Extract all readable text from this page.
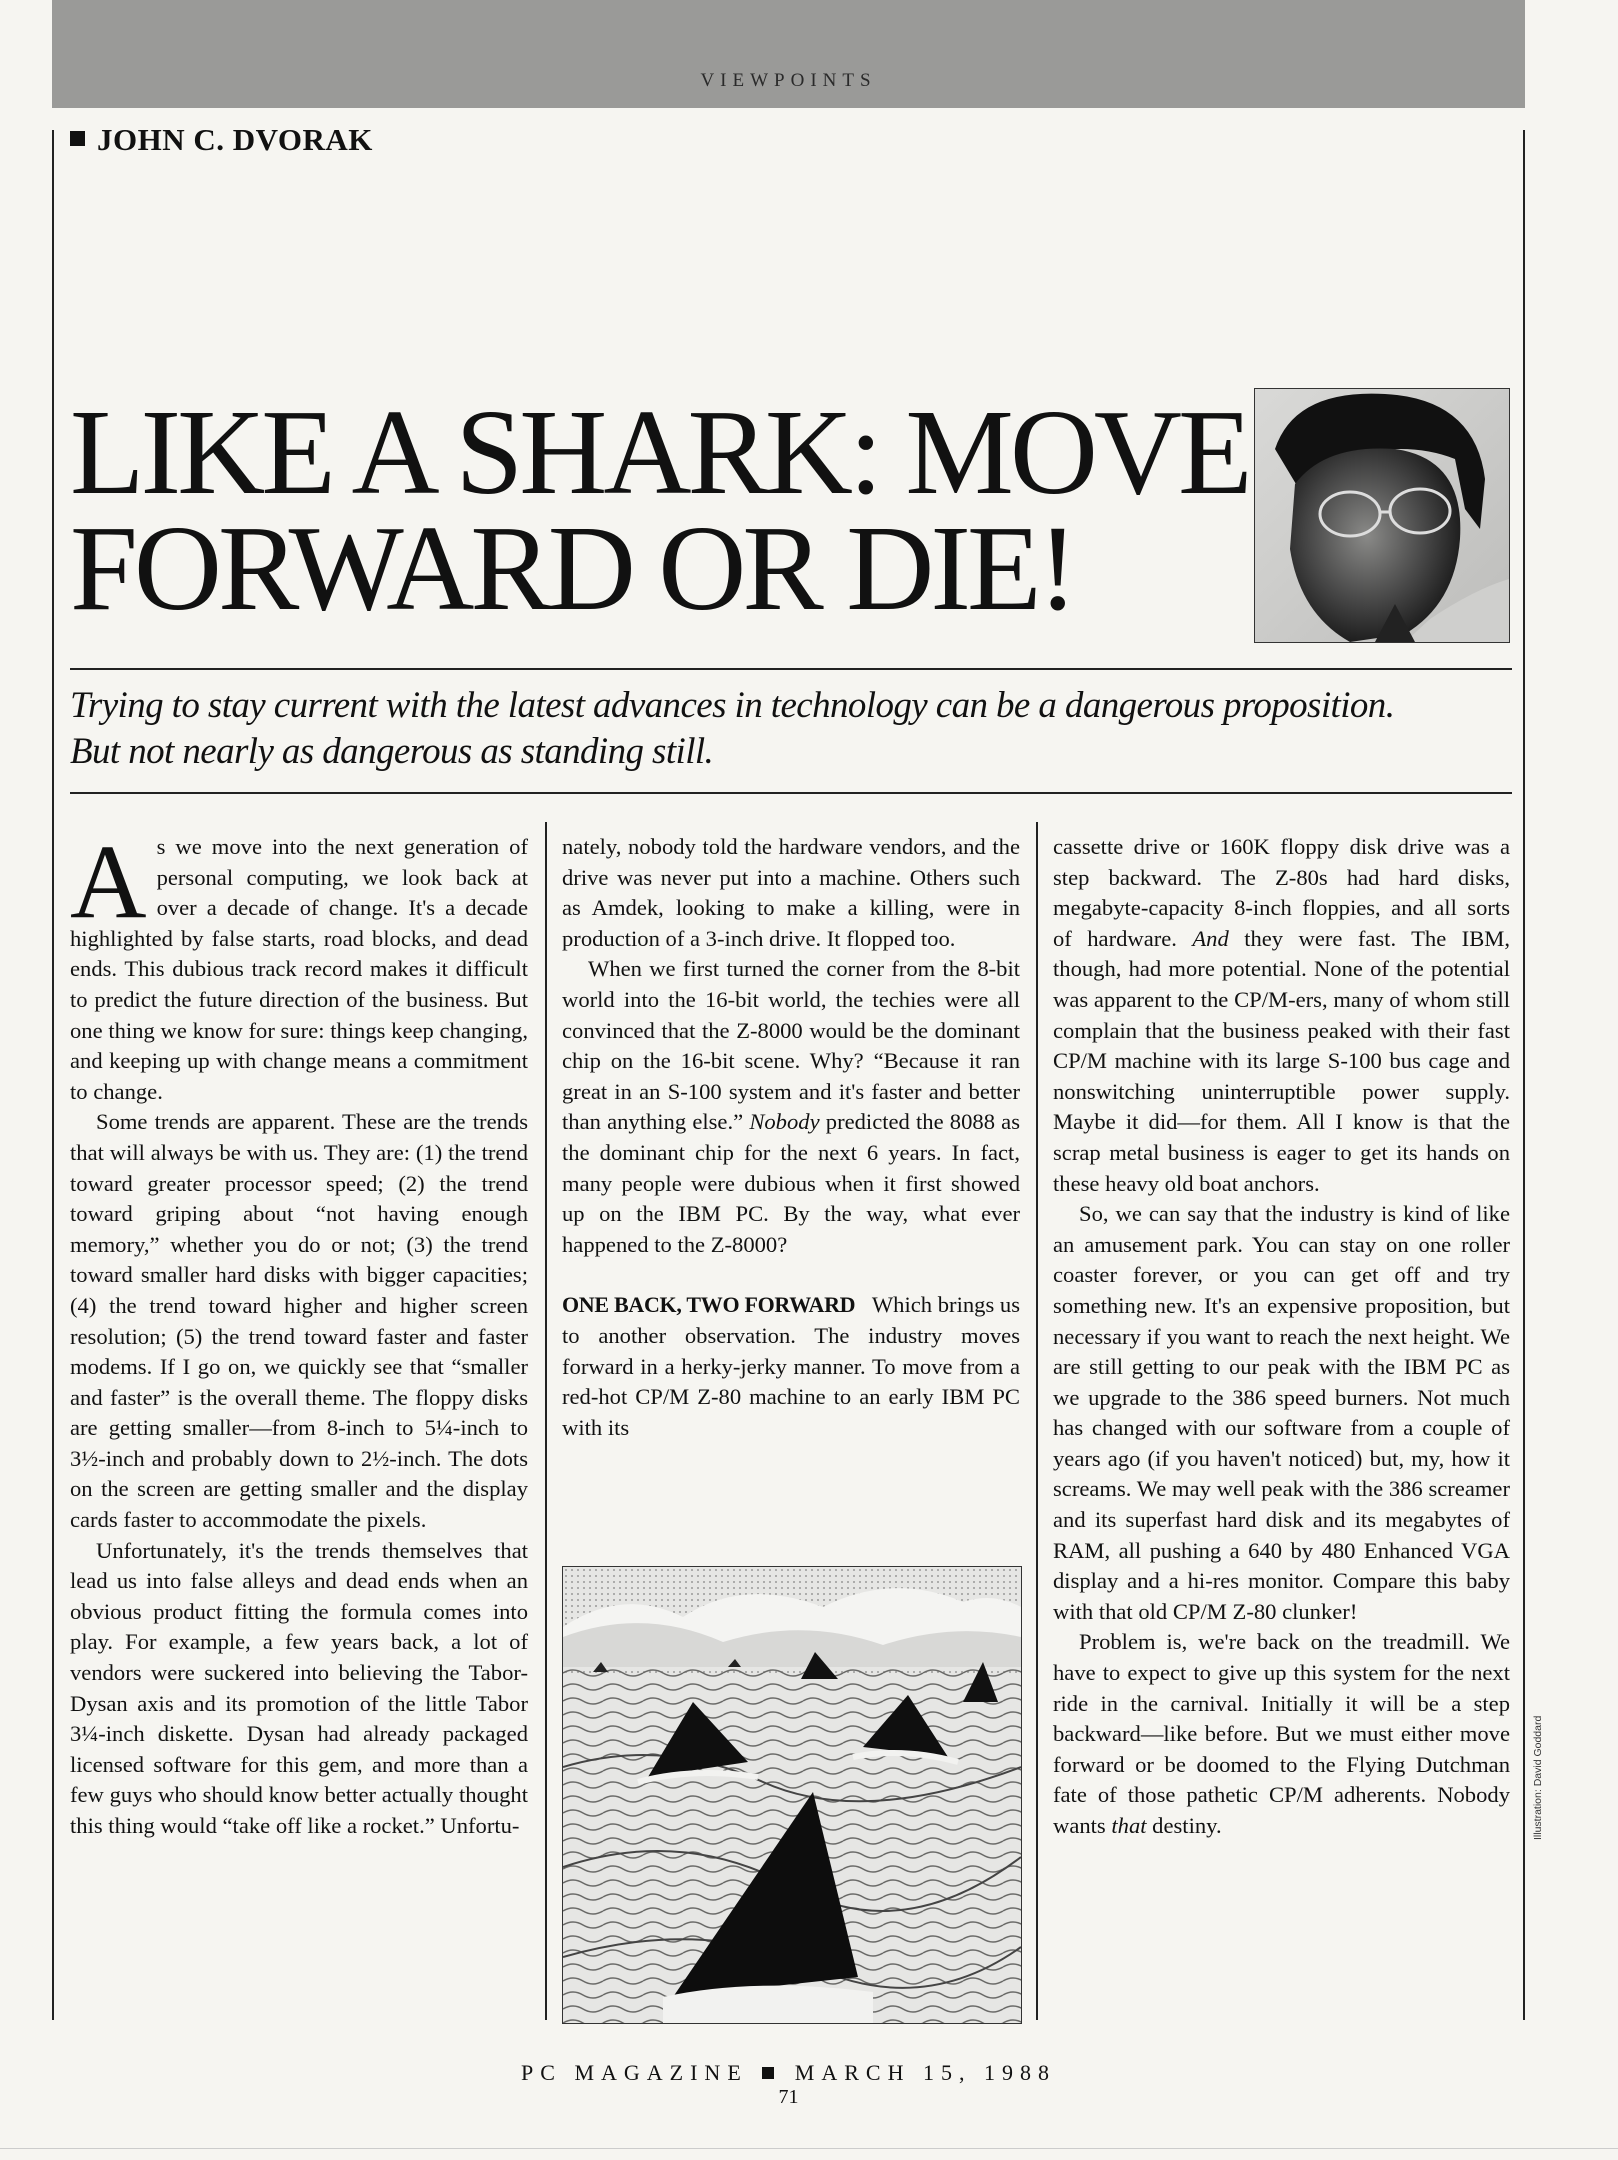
VIEWPOINTS
JOHN C. DVORAK
LIKE A SHARK: MOVE
FORWARD OR DIE!
Trying to stay current with the latest advances in technology can be a dangerous proposition.
But not nearly as dangerous as standing still.

As we move into the next generation of personal computing, we look back at over a decade of change. It's a decade highlighted by false starts, road blocks, and dead ends. This dubious track record makes it difficult to predict the future direction of the business. But one thing we know for sure: things keep changing, and keeping up with change means a commitment to change.

Some trends are apparent. These are the trends that will always be with us. They are: (1) the trend toward greater processor speed; (2) the trend toward griping about “not having enough memory,” whether you do or not; (3) the trend toward smaller hard disks with bigger capacities; (4) the trend toward higher and higher screen resolution; (5) the trend toward faster and faster modems. If I go on, we quickly see that “smaller and faster” is the overall theme. The floppy disks are getting smaller—from 8-inch to 5¼-inch to 3½-inch and probably down to 2½-inch. The dots on the screen are getting smaller and the display cards faster to accommodate the pixels.

Unfortunately, it's the trends themselves that lead us into false alleys and dead ends when an obvious product fitting the formula comes into play. For example, a few years back, a lot of vendors were suckered into believing the Tabor-Dysan axis and its promotion of the little Tabor 3¼-inch diskette. Dysan had already packaged licensed software for this gem, and more than a few guys who should know better actually thought this thing would “take off like a rocket.” Unfortu-

nately, nobody told the hardware vendors, and the drive was never put into a machine. Others such as Amdek, looking to make a killing, were in production of a 3-inch drive. It flopped too.

When we first turned the corner from the 8-bit world into the 16-bit world, the techies were all convinced that the Z-8000 would be the dominant chip on the 16-bit scene. Why? “Because it ran great in an S-100 system and it's faster and better than anything else.” Nobody predicted the 8088 as the dominant chip for the next 6 years. In fact, many people were dubious when it first showed up on the IBM PC. By the way, what ever happened to the Z-8000?

ONE BACK, TWO FORWARD Which brings us to another observation. The industry moves forward in a herky-jerky manner. To move from a red-hot CP/M Z-80 machine to an early IBM PC with its

cassette drive or 160K floppy disk drive was a step backward. The Z-80s had hard disks, megabyte-capacity 8-inch floppies, and all sorts of hardware. And they were fast. The IBM, though, had more potential. None of the potential was apparent to the CP/M-ers, many of whom still complain that the business peaked with their fast CP/M machine with its large S-100 bus cage and nonswitching uninterruptible power supply. Maybe it did—for them. All I know is that the scrap metal business is eager to get its hands on these heavy old boat anchors.

So, we can say that the industry is kind of like an amusement park. You can stay on one roller coaster forever, or you can get off and try something new. It's an expensive proposition, but necessary if you want to reach the next height. We are still getting to our peak with the IBM PC as we upgrade to the 386 speed burners. Not much has changed with our software from a couple of years ago (if you haven't noticed) but, my, how it screams. We may well peak with the 386 screamer and its superfast hard disk and its megabytes of RAM, all pushing a 640 by 480 Enhanced VGA display and a hi-res monitor. Compare this baby with that old CP/M Z-80 clunker!

Problem is, we're back on the treadmill. We have to expect to give up this system for the next ride in the carnival. Initially it will be a step backward—like before. But we must either move forward or be doomed to the Flying Dutchman fate of those pathetic CP/M adherents. Nobody wants that destiny.	Illustration: David Goddard
PC MAGAZINE MARCH 15, 1988
71
